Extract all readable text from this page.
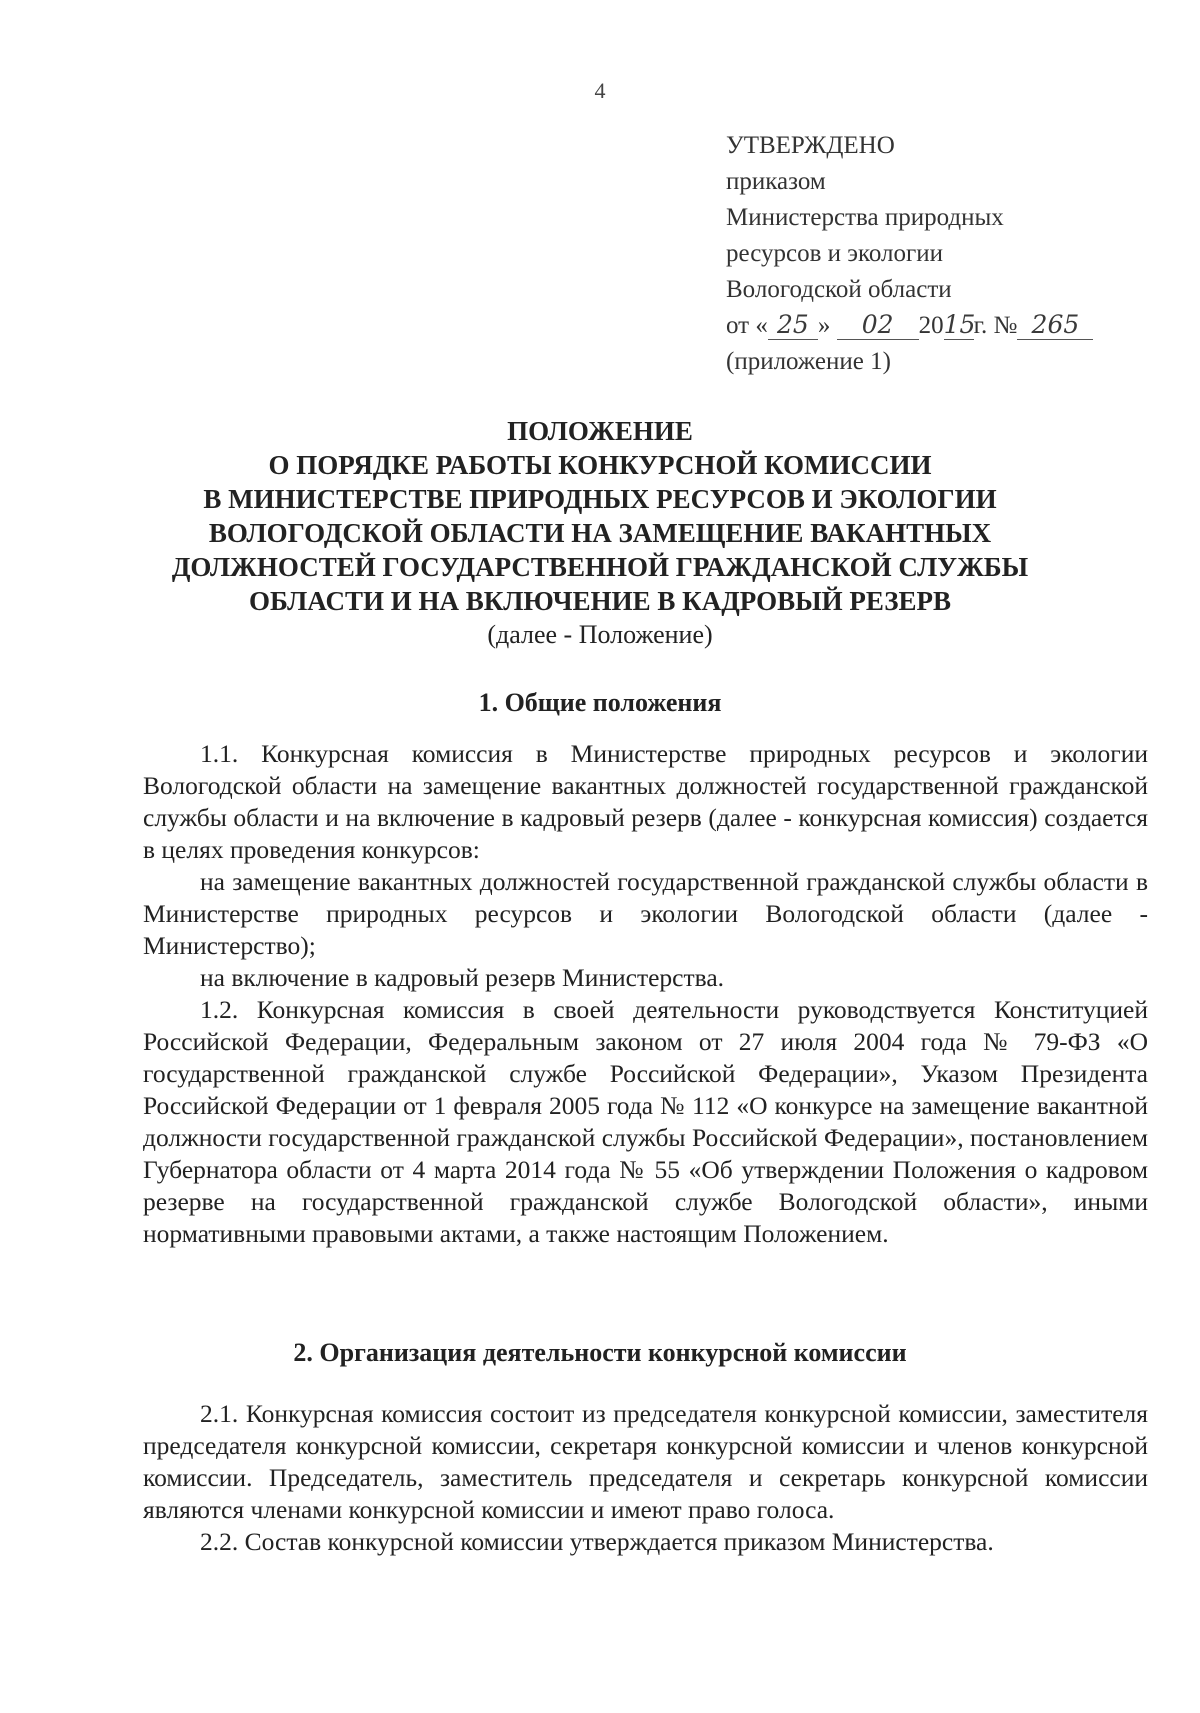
4
УТВЕРЖДЕНО
приказом
Министерства природных
ресурсов и экологии
Вологодской области
от « 25 » 02 2015г. № 265
(приложение 1)
ПОЛОЖЕНИЕ
О ПОРЯДКЕ РАБОТЫ КОНКУРСНОЙ КОМИССИИ
В МИНИСТЕРСТВЕ ПРИРОДНЫХ РЕСУРСОВ И ЭКОЛОГИИ
ВОЛОГОДСКОЙ ОБЛАСТИ НА ЗАМЕЩЕНИЕ ВАКАНТНЫХ
ДОЛЖНОСТЕЙ ГОСУДАРСТВЕННОЙ ГРАЖДАНСКОЙ СЛУЖБЫ
ОБЛАСТИ И НА ВКЛЮЧЕНИЕ В КАДРОВЫЙ РЕЗЕРВ
(далее - Положение)
1. Общие положения

1.1. Конкурсная комиссия в Министерстве природных ресурсов и экологии Вологодской области на замещение вакантных должностей государственной гражданской службы области и на включение в кадровый резерв (далее - конкурсная комиссия) создается в целях проведения конкурсов:

на замещение вакантных должностей государственной гражданской службы области в Министерстве природных ресурсов и экологии Вологодской области (далее - Министерство);

на включение в кадровый резерв Министерства.

1.2. Конкурсная комиссия в своей деятельности руководствуется Конституцией Российской Федерации, Федеральным законом от 27 июля 2004 года № 79-ФЗ «О государственной гражданской службе Российской Федерации», Указом Президента Российской Федерации от 1 февраля 2005 года № 112 «О конкурсе на замещение вакантной должности государственной гражданской службы Российской Федерации», постановлением Губернатора области от 4 марта 2014 года № 55 «Об утверждении Положения о кадровом резерве на государственной гражданской службе Вологодской области», иными нормативными правовыми актами, а также настоящим Положением.

2. Организация деятельности конкурсной комиссии

2.1. Конкурсная комиссия состоит из председателя конкурсной комиссии, заместителя председателя конкурсной комиссии, секретаря конкурсной комиссии и членов конкурсной комиссии. Председатель, заместитель председателя и секретарь конкурсной комиссии являются членами конкурсной комиссии и имеют право голоса.

2.2. Состав конкурсной комиссии утверждается приказом Министерства.
